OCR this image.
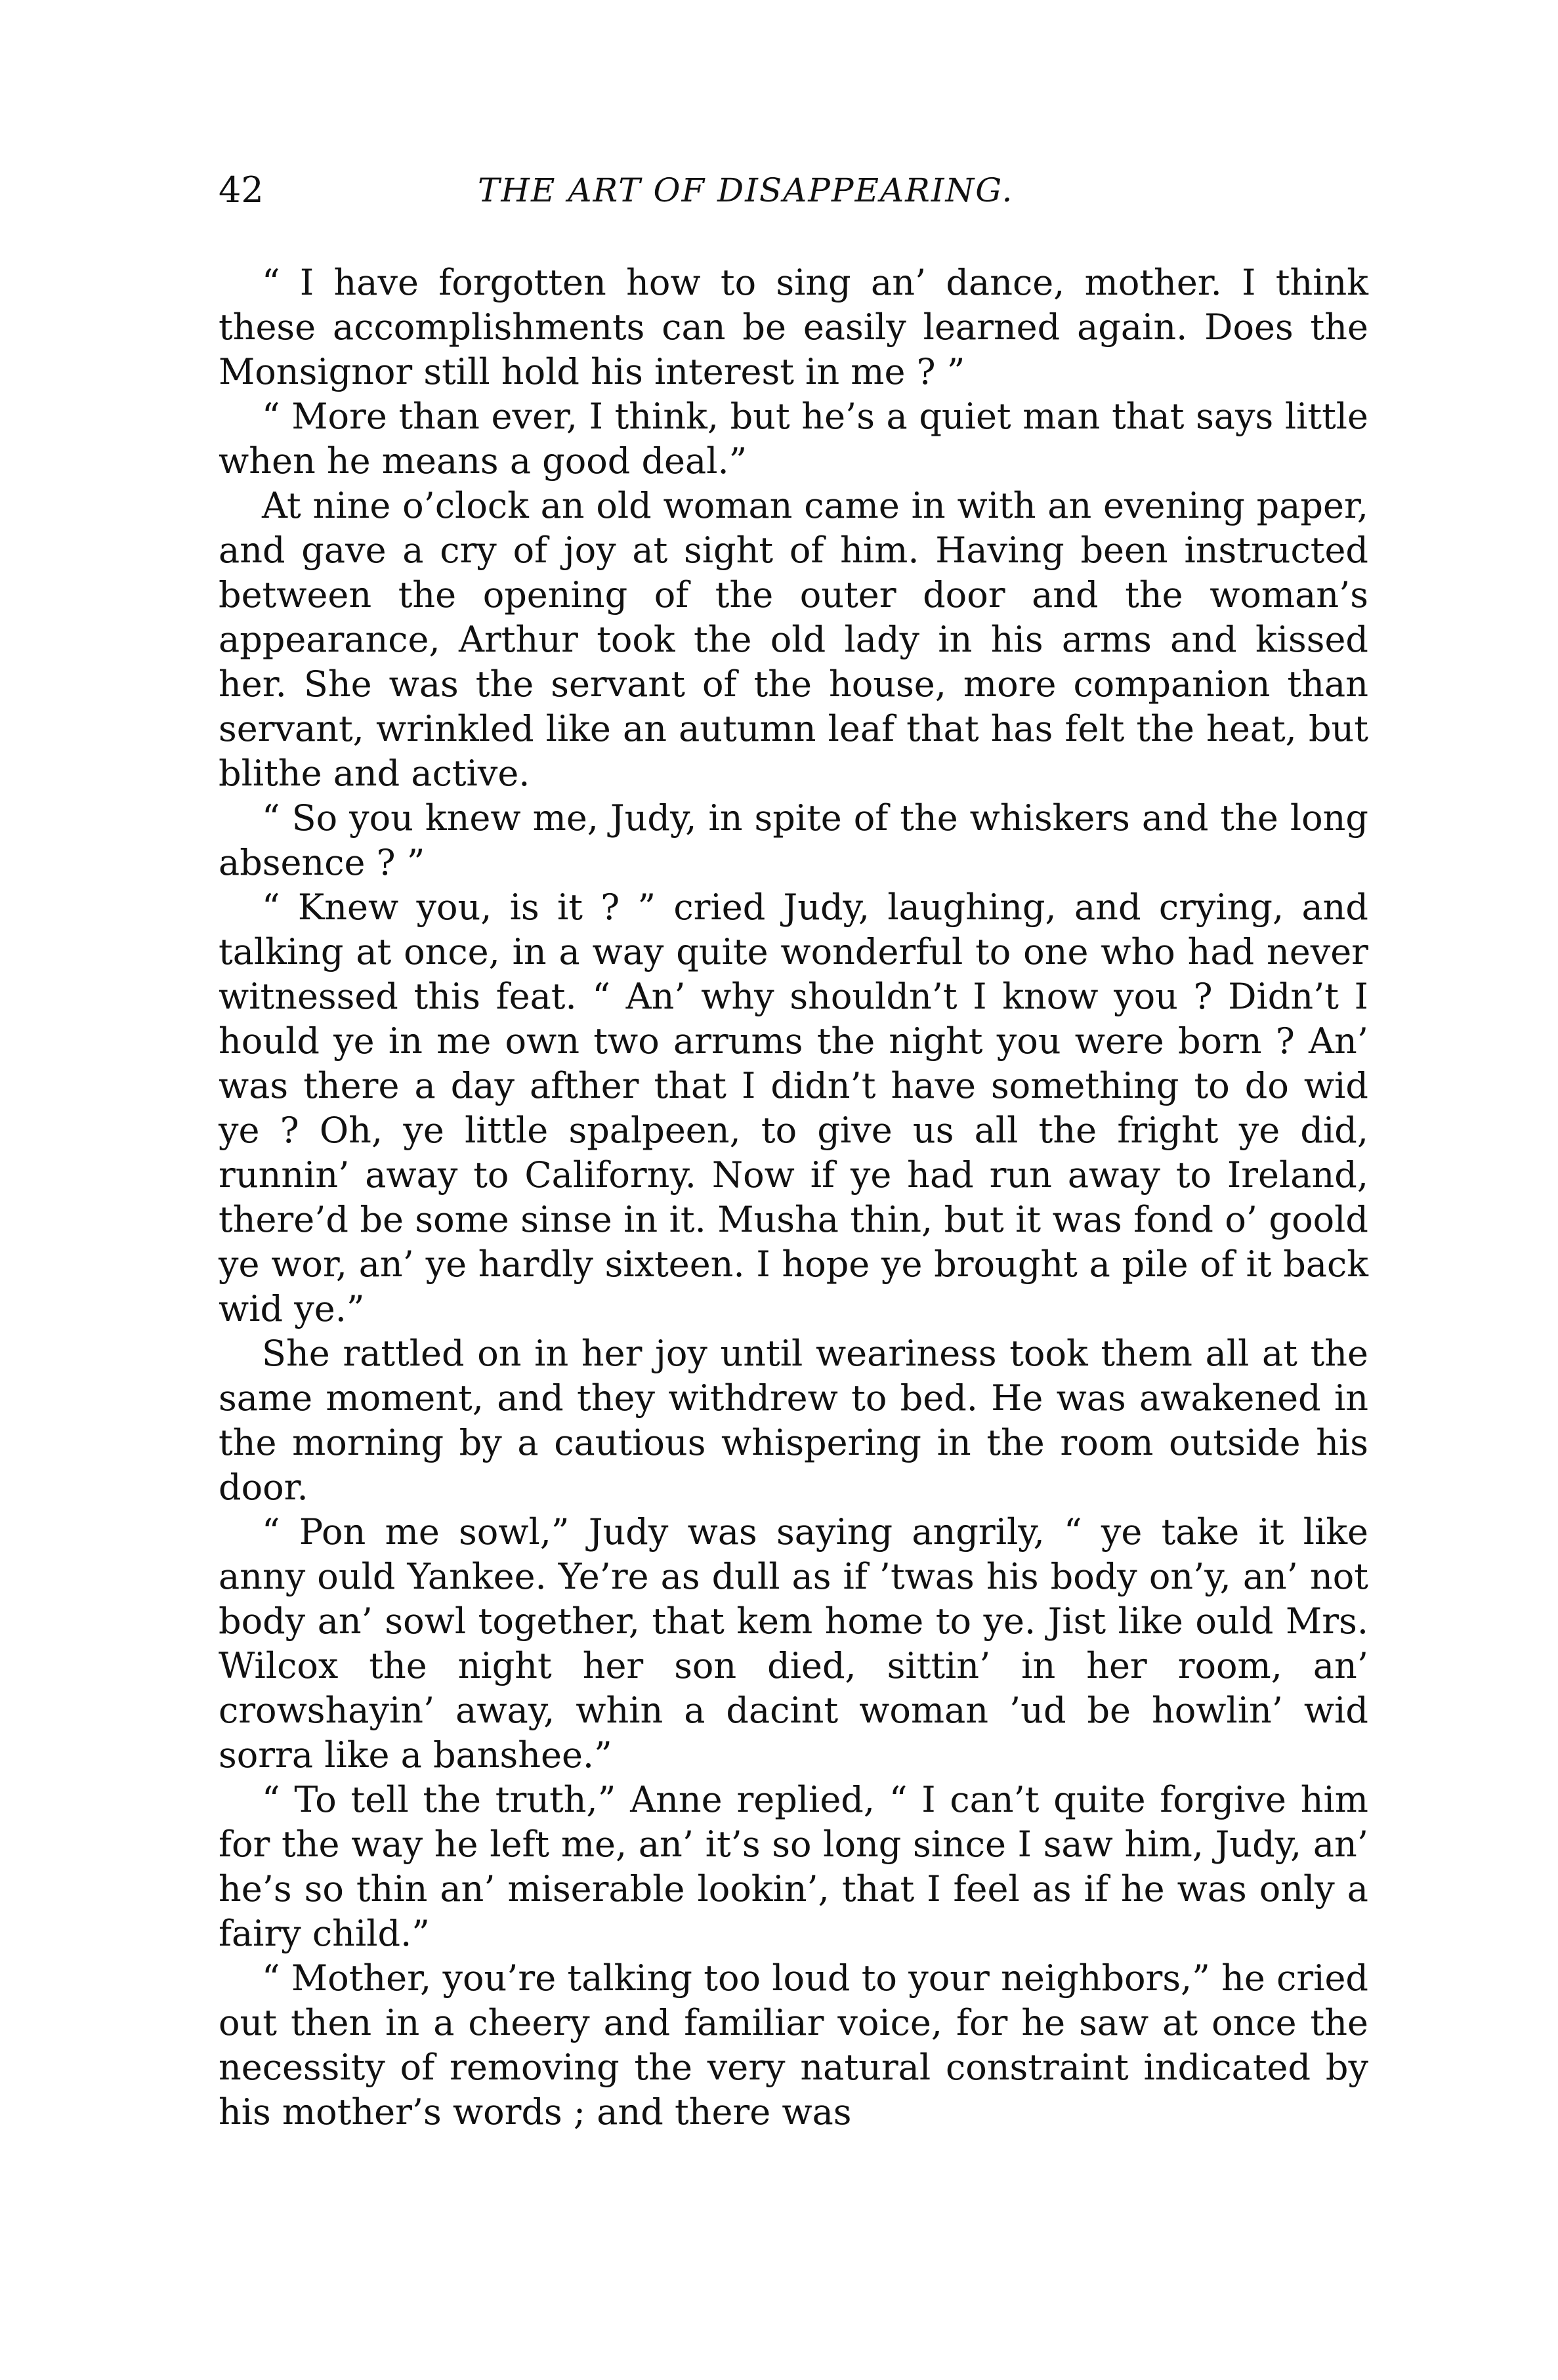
42	THE ART OF DISAPPEARING.

“ I have forgotten how to sing an’ dance, mother. I think these accomplishments can be easily learned again. Does the Monsignor still hold his interest in me ? ”

“ More than ever, I think, but he’s a quiet man that says little when he means a good deal.”

At nine o’clock an old woman came in with an evening paper, and gave a cry of joy at sight of him. Having been instructed between the opening of the outer door and the woman’s appearance, Arthur took the old lady in his arms and kissed her. She was the servant of the house, more companion than servant, wrinkled like an autumn leaf that has felt the heat, but blithe and active.

“ So you knew me, Judy, in spite of the whiskers and the long absence ? ”

“ Knew you, is it ? ” cried Judy, laughing, and crying, and talking at once, in a way quite wonderful to one who had never witnessed this feat. “ An’ why shouldn’t I know you ? Didn’t I hould ye in me own two arrums the night you were born ? An’ was there a day afther that I didn’t have something to do wid ye ? Oh, ye little spalpeen, to give us all the fright ye did, runnin’ away to Californy. Now if ye had run away to Ireland, there’d be some sinse in it. Musha thin, but it was fond o’ goold ye wor, an’ ye hardly sixteen. I hope ye brought a pile of it back wid ye.”

She rattled on in her joy until weariness took them all at the same moment, and they withdrew to bed. He was awakened in the morning by a cautious whispering in the room outside his door.

“ Pon me sowl,” Judy was saying angrily, “ ye take it like anny ould Yankee. Ye’re as dull as if ’twas his body on’y, an’ not body an’ sowl together, that kem home to ye. Jist like ould Mrs. Wilcox the night her son died, sittin’ in her room, an’ crowshayin’ away, whin a dacint woman ’ud be howlin’ wid sorra like a banshee.”

“ To tell the truth,” Anne replied, “ I can’t quite forgive him for the way he left me, an’ it’s so long since I saw him, Judy, an’ he’s so thin an’ miserable lookin’, that I feel as if he was only a fairy child.”

“ Mother, you’re talking too loud to your neighbors,” he cried out then in a cheery and familiar voice, for he saw at once the necessity of removing the very natural constraint indicated by his mother’s words ; and there was
